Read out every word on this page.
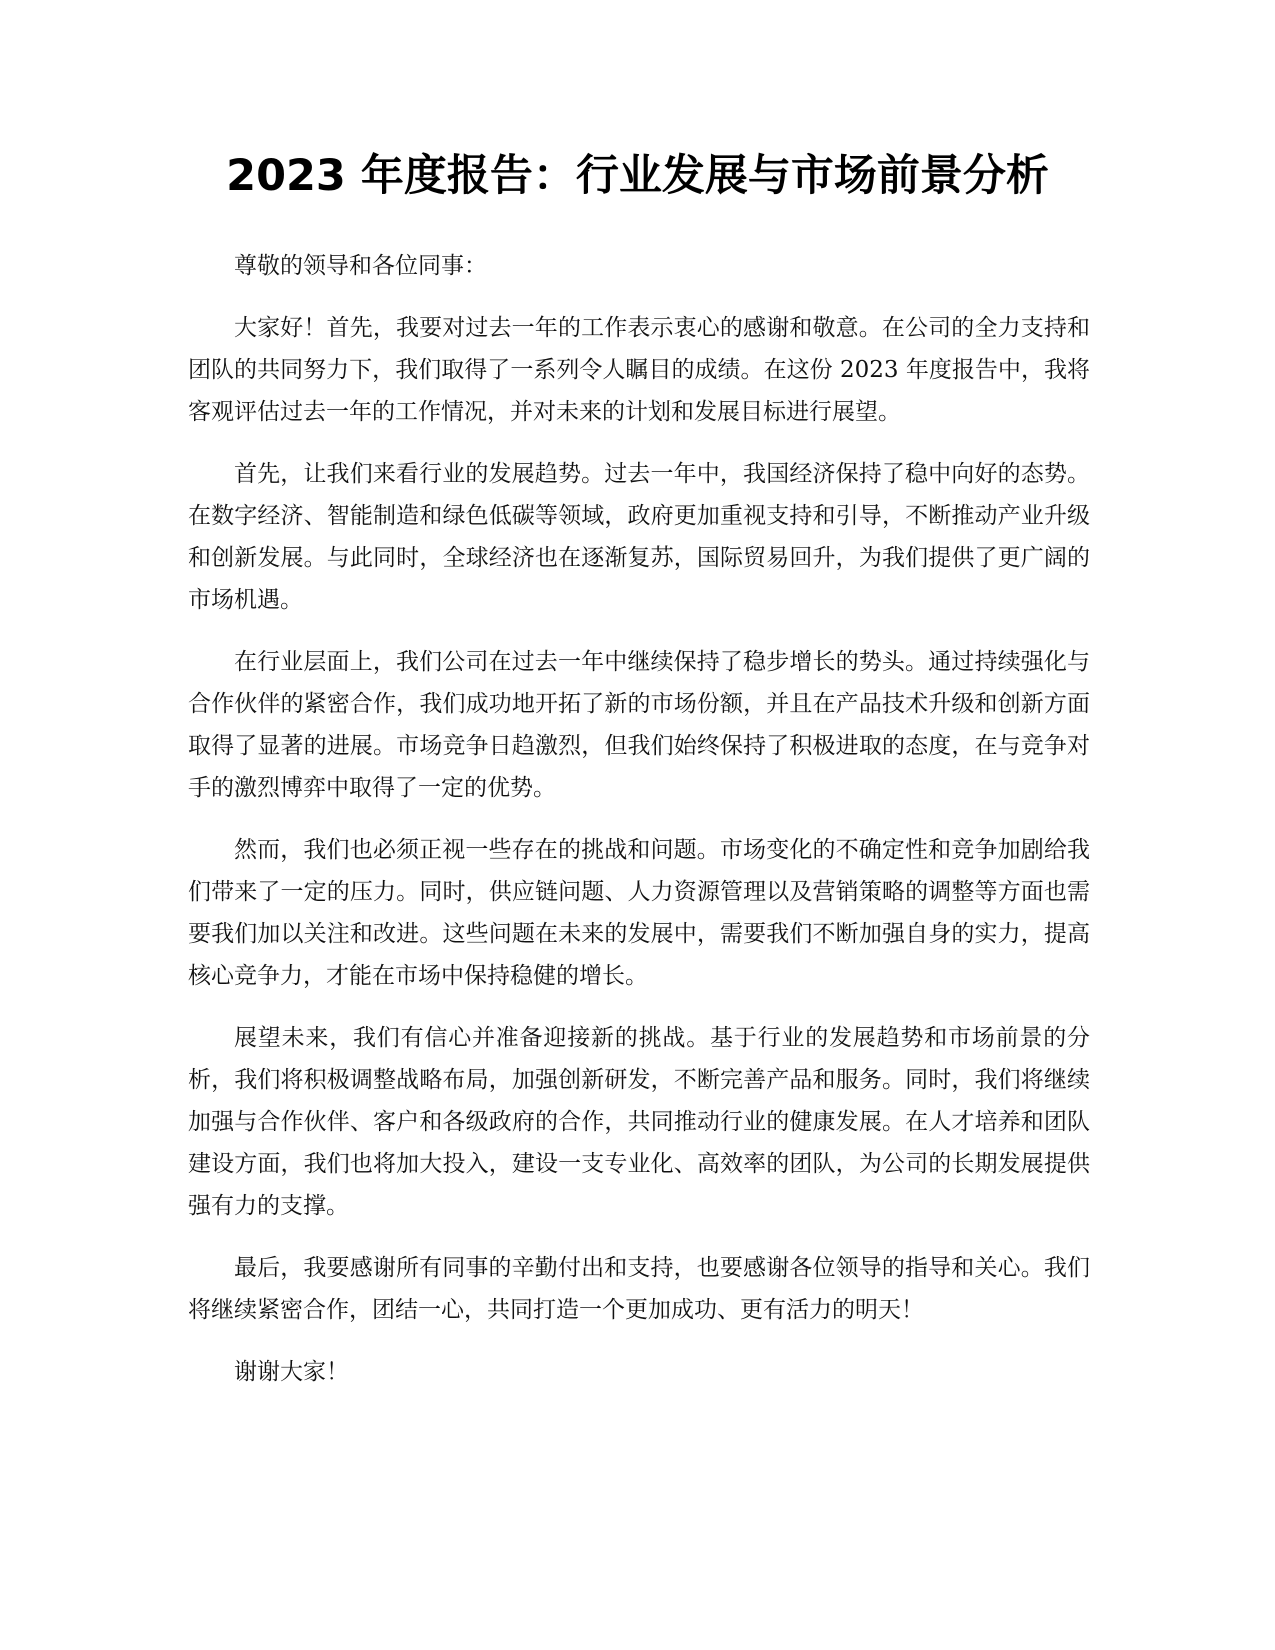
2023 年度报告：行业发展与市场前景分析

尊敬的领导和各位同事：

大家好！首先，我要对过去一年的工作表示衷心的感谢和敬意。在公司的全力支持和团队的共同努力下，我们取得了一系列令人瞩目的成绩。在这份 2023 年度报告中，我将客观评估过去一年的工作情况，并对未来的计划和发展目标进行展望。

首先，让我们来看行业的发展趋势。过去一年中，我国经济保持了稳中向好的态势。在数字经济、智能制造和绿色低碳等领域，政府更加重视支持和引导，不断推动产业升级和创新发展。与此同时，全球经济也在逐渐复苏，国际贸易回升，为我们提供了更广阔的市场机遇。

在行业层面上，我们公司在过去一年中继续保持了稳步增长的势头。通过持续强化与合作伙伴的紧密合作，我们成功地开拓了新的市场份额，并且在产品技术升级和创新方面取得了显著的进展。市场竞争日趋激烈，但我们始终保持了积极进取的态度，在与竞争对手的激烈博弈中取得了一定的优势。

然而，我们也必须正视一些存在的挑战和问题。市场变化的不确定性和竞争加剧给我们带来了一定的压力。同时，供应链问题、人力资源管理以及营销策略的调整等方面也需要我们加以关注和改进。这些问题在未来的发展中，需要我们不断加强自身的实力，提高核心竞争力，才能在市场中保持稳健的增长。

展望未来，我们有信心并准备迎接新的挑战。基于行业的发展趋势和市场前景的分析，我们将积极调整战略布局，加强创新研发，不断完善产品和服务。同时，我们将继续加强与合作伙伴、客户和各级政府的合作，共同推动行业的健康发展。在人才培养和团队建设方面，我们也将加大投入，建设一支专业化、高效率的团队，为公司的长期发展提供强有力的支撑。

最后，我要感谢所有同事的辛勤付出和支持，也要感谢各位领导的指导和关心。我们将继续紧密合作，团结一心，共同打造一个更加成功、更有活力的明天！

谢谢大家！
